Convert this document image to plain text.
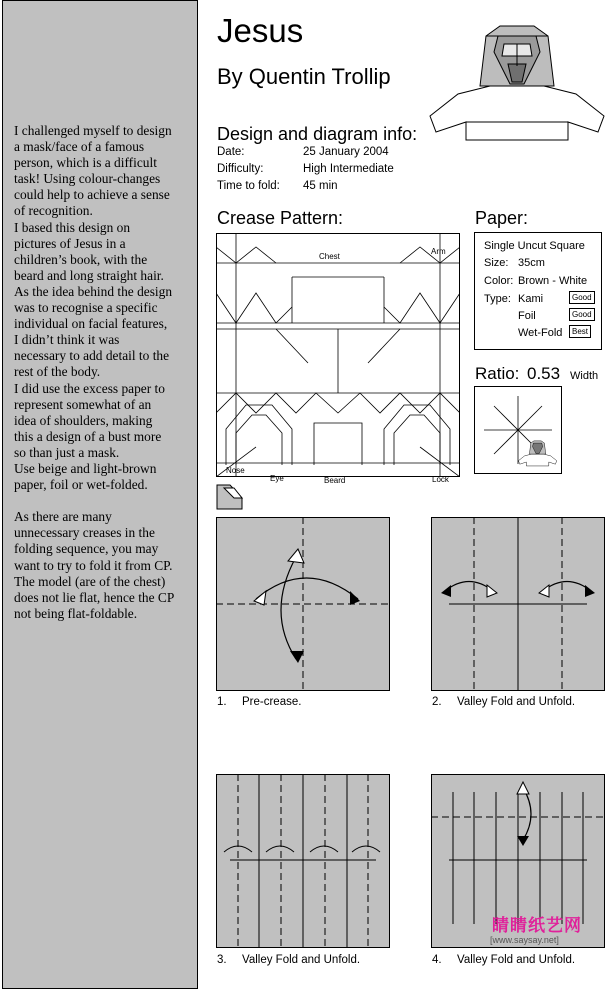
I challenged myself to design
a mask/face of a famous
person, which is a difficult
task! Using colour-changes
could help to achieve a sense
of recognition.
I based this design on
pictures of Jesus in a
children’s book, with the
beard and long straight hair.
As the idea behind the design
was to recognise a specific
individual on facial features,
I didn’t think it was
necessary to add detail to the
rest of the body.
I did use the excess paper to
represent somewhat of an
idea of shoulders, making
this a design of a bust more
so than just a mask.
Use beige and light-brown
paper, foil or wet-folded.

As there are many
unnecessary creases in the
folding sequence, you may
want to try to fold it from CP.
The model (are of the chest)
does not lie flat, hence the CP
not being flat-foldable.
Jesus
By Quentin Trollip
Design and diagram info:
Date:	25 January 2004
Difficulty:	High Intermediate
Time to fold: 45 min
Crease Pattern:
Chest
Arm
Nose
Eye	Beard	Lock
Paper:
Single Uncut Square
Size: 35cm
Color: Brown - White
Type: Kami	Good
Foil	Good
Wet-Fold	Best
Ratio: 0.53 Width
1. Pre-crease.	2. Valley Fold and Unfold.
3. Valley Fold and Unfold.	4. Valley Fold and Unfold.
睛睛纸艺网
[www.saysay.net]
